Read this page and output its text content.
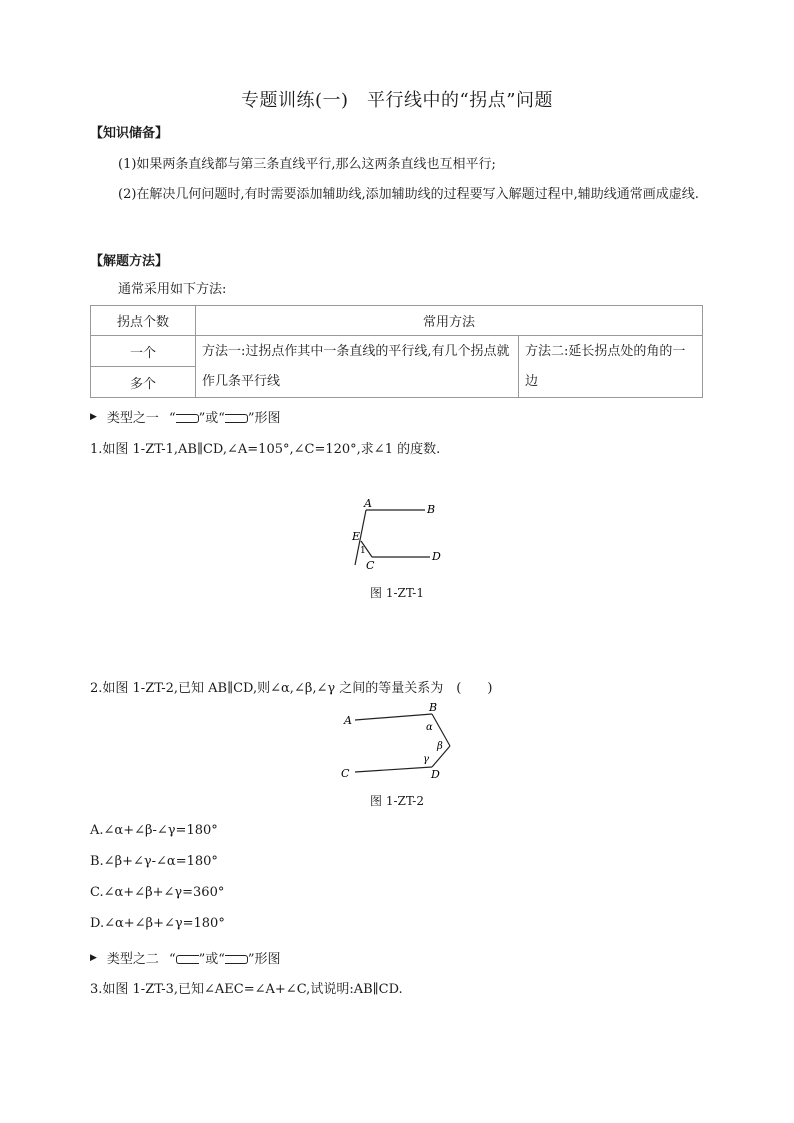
专题训练(一)　平行线中的“拐点”问题
【知识储备】
(1)如果两条直线都与第三条直线平行,那么这两条直线也互相平行;
(2)在解决几何问题时,有时需要添加辅助线,添加辅助线的过程要写入解题过程中,辅助线通常画成虚线.
【解题方法】
通常采用如下方法:
拐点个数	常用方法	
一个	方法一:过拐点作其中一条直线的平行线,有几个拐点就作几条平行线	方法二:延长拐点处的角的一边
多个		
▶ 类型之一 “ ”或“ ”形图
1.如图 1-ZT-1,AB∥CD,∠A=105°,∠C=120°,求∠1 的度数.
A	B
E
1
C
D
图 1-ZT-1
2.如图 1-ZT-2,已知 AB∥CD,则∠α,∠β,∠γ 之间的等量关系为　(　　)
A
B
α
β
γ
C	D
图 1-ZT-2
A.∠α+∠β-∠γ=180°
B.∠β+∠γ-∠α=180°
C.∠α+∠β+∠γ=360°
D.∠α+∠β+∠γ=180°
▶ 类型之二 “ ”或“ ”形图
3.如图 1-ZT-3,已知∠AEC=∠A+∠C,试说明:AB∥CD.
